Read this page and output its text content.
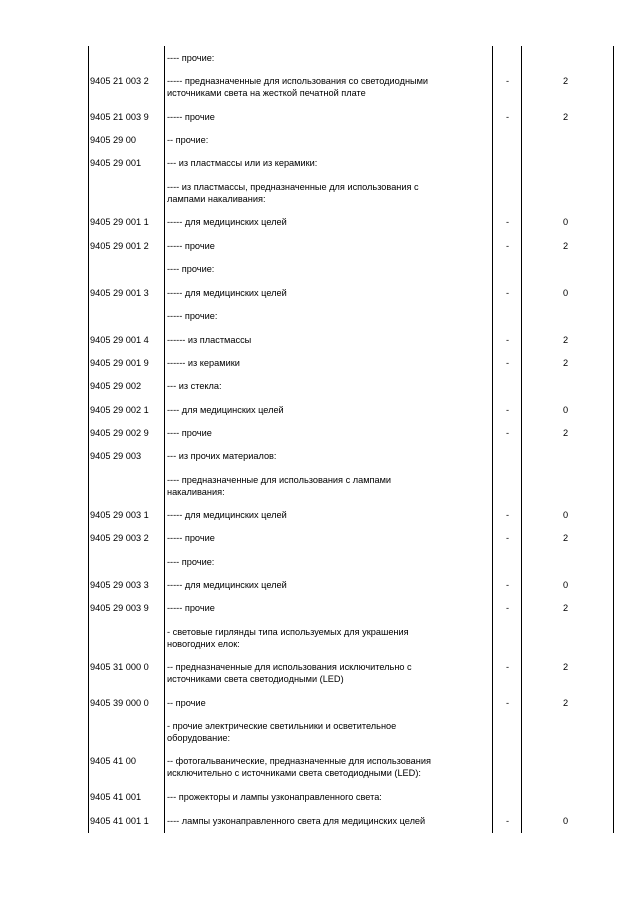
---- прочие:
9405 21 003 2 ----- предназначенные для использования со светодиодными
источниками света на жесткой печатной плате
-	2
9405 21 003 9 ----- прочие	-	2
9405 29 00	-- прочие:
9405 29 001	--- из пластмассы или из керамики:
---- из пластмассы, предназначенные для использования с
лампами накаливания:
9405 29 001 1 ----- для медицинских целей	-	0
9405 29 001 2 ----- прочие	-	2
---- прочие:
9405 29 001 3 ----- для медицинских целей	-	0
----- прочие:
9405 29 001 4 ------ из пластмассы	-	2
9405 29 001 9 ------ из керамики	-	2
9405 29 002	--- из стекла:
9405 29 002 1 ---- для медицинских целей	-	0
9405 29 002 9 ---- прочие	-	2
9405 29 003	--- из прочих материалов:
---- предназначенные для использования с лампами
накаливания:
9405 29 003 1 ----- для медицинских целей	-	0
9405 29 003 2 ----- прочие	-	2
---- прочие:
9405 29 003 3 ----- для медицинских целей	-	0
9405 29 003 9 ----- прочие	-	2
- световые гирлянды типа используемых для украшения
новогодних елок:
9405 31 000 0 -- предназначенные для использования исключительно с
источниками света светодиодными (LED)
-	2
9405 39 000 0 -- прочие	-	2
- прочие электрические светильники и осветительное
оборудование:
9405 41 00	-- фотогальванические, предназначенные для использования
исключительно с источниками света светодиодными (LED):
9405 41 001	--- прожекторы и лампы узконаправленного света:
9405 41 001 1 ---- лампы узконаправленного света для медицинских целей	-	0
